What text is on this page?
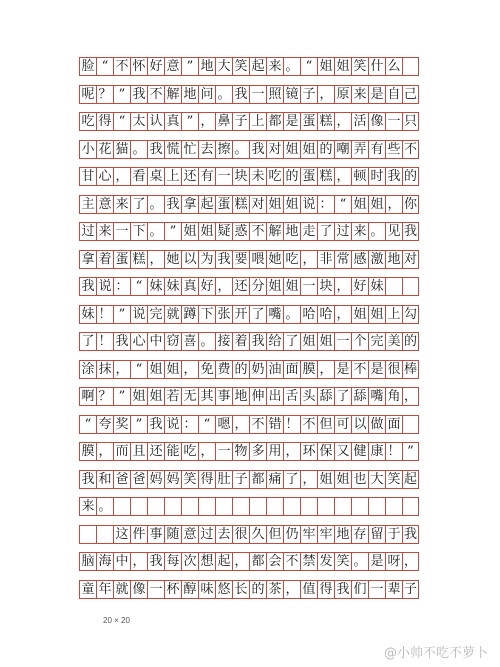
脸 “ 不 怀 好 意 ” 地 大 笑 起 来 。 “ 姐 姐 笑 什 么
呢 ？ ” 我 不 解 地 问 。 我 一 照 镜 子 ， 原 来 是 自 己
吃 得 “ 太 认 真 ” ， 鼻 子 上 都 是 蛋 糕 ， 活 像 一 只
小 花 猫 。 我 慌 忙 去 擦 。 我 对 姐 姐 的 嘲 弄 有 些 不
甘 心 ， 看 桌 上 还 有 一 块 未 吃 的 蛋 糕 ， 顿 时 我 的
主 意 来 了 。 我 拿 起 蛋 糕 对 姐 姐 说 ： “ 姐 姐 ， 你
过 来 一 下 。 ” 姐 姐 疑 惑 不 解 地 走 了 过 来 。 见 我
拿 着 蛋 糕 ， 她 以 为 我 要 喂 她 吃 ， 非 常 感 激 地 对
我 说 ： “ 妹 妹 真 好 ， 还 分 姐 姐 一 块 ， 好 妹
妹 ！ ” 说 完 就 蹲 下 张 开 了 嘴 。 哈 哈 ， 姐 姐 上 勾
了 ！ 我 心 中 窃 喜 。 接 着 我 给 了 姐 姐 一 个 完 美 的
涂 抹 ， “ 姐 姐 ， 免 费 的 奶 油 面 膜 ， 是 不 是 很 棒
啊 ？ ” 姐 姐 若 无 其 事 地 伸 出 舌 头 舔 了 舔 嘴 角 ，
“ 夸 奖 ” 我 说 ： “ 嗯 ， 不 错 ！ 不 但 可 以 做 面
膜 ， 而 且 还 能 吃 ， 一 物 多 用 ， 环 保 又 健 康 ！ ”
我 和 爸 爸 妈 妈 笑 得 肚 子 都 痛 了 ， 姐 姐 也 大 笑 起
来 。
这 件 事 随 意 过 去 很 久 但 仍 牢 牢 地 存 留 于 我
脑 海 中 ， 我 每 次 想 起 ， 都 会 不 禁 发 笑 。 是 呀 ，
童 年 就 像 一 杯 醇 味 悠 长 的 茶 ， 值 得 我 们 一 辈 子
20 × 20
@小帅不吃不萝卜
